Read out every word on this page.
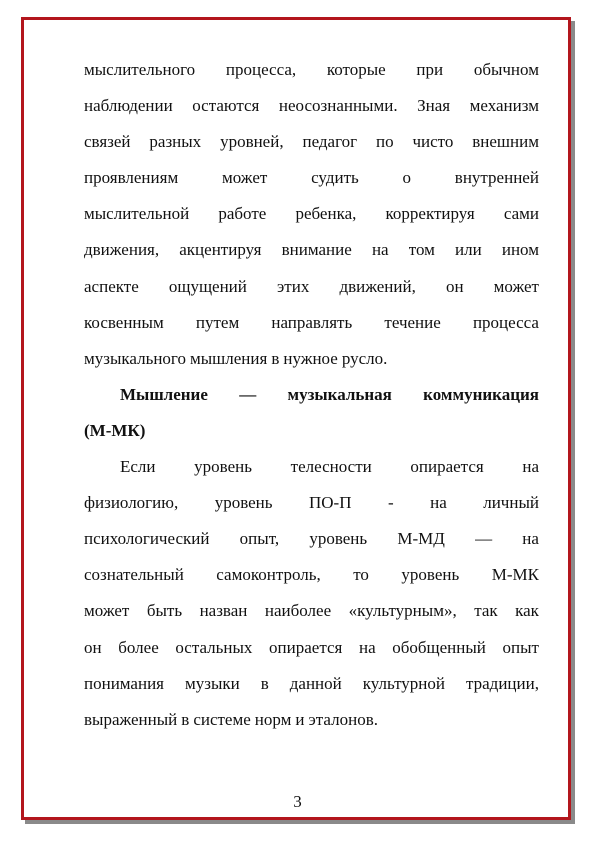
мыслительного процесса, которые при обычном
наблюдении остаются неосознанными. Зная механизм
связей разных уровней, педагог по чисто внешним
проявлениям	может	судить	о	внутренней
мыслительной работе ребенка, корректируя сами
движения, акцентируя внимание на том или ином
аспекте ощущений этих движений, он может
косвенным путем направлять течение процесса
музыкального мышления в нужное русло.
Мышление — музыкальная коммуникация
(М-МК)
Если уровень телесности опирается на
физиологию, уровень ПО-П - на личный
психологический опыт, уровень М-МД — на
сознательный самоконтроль, то уровень М-МК
может быть назван наиболее «культурным», так как
он более остальных опирается на обобщенный опыт
понимания музыки в данной культурной традиции,
выраженный в системе норм и эталонов.
3
